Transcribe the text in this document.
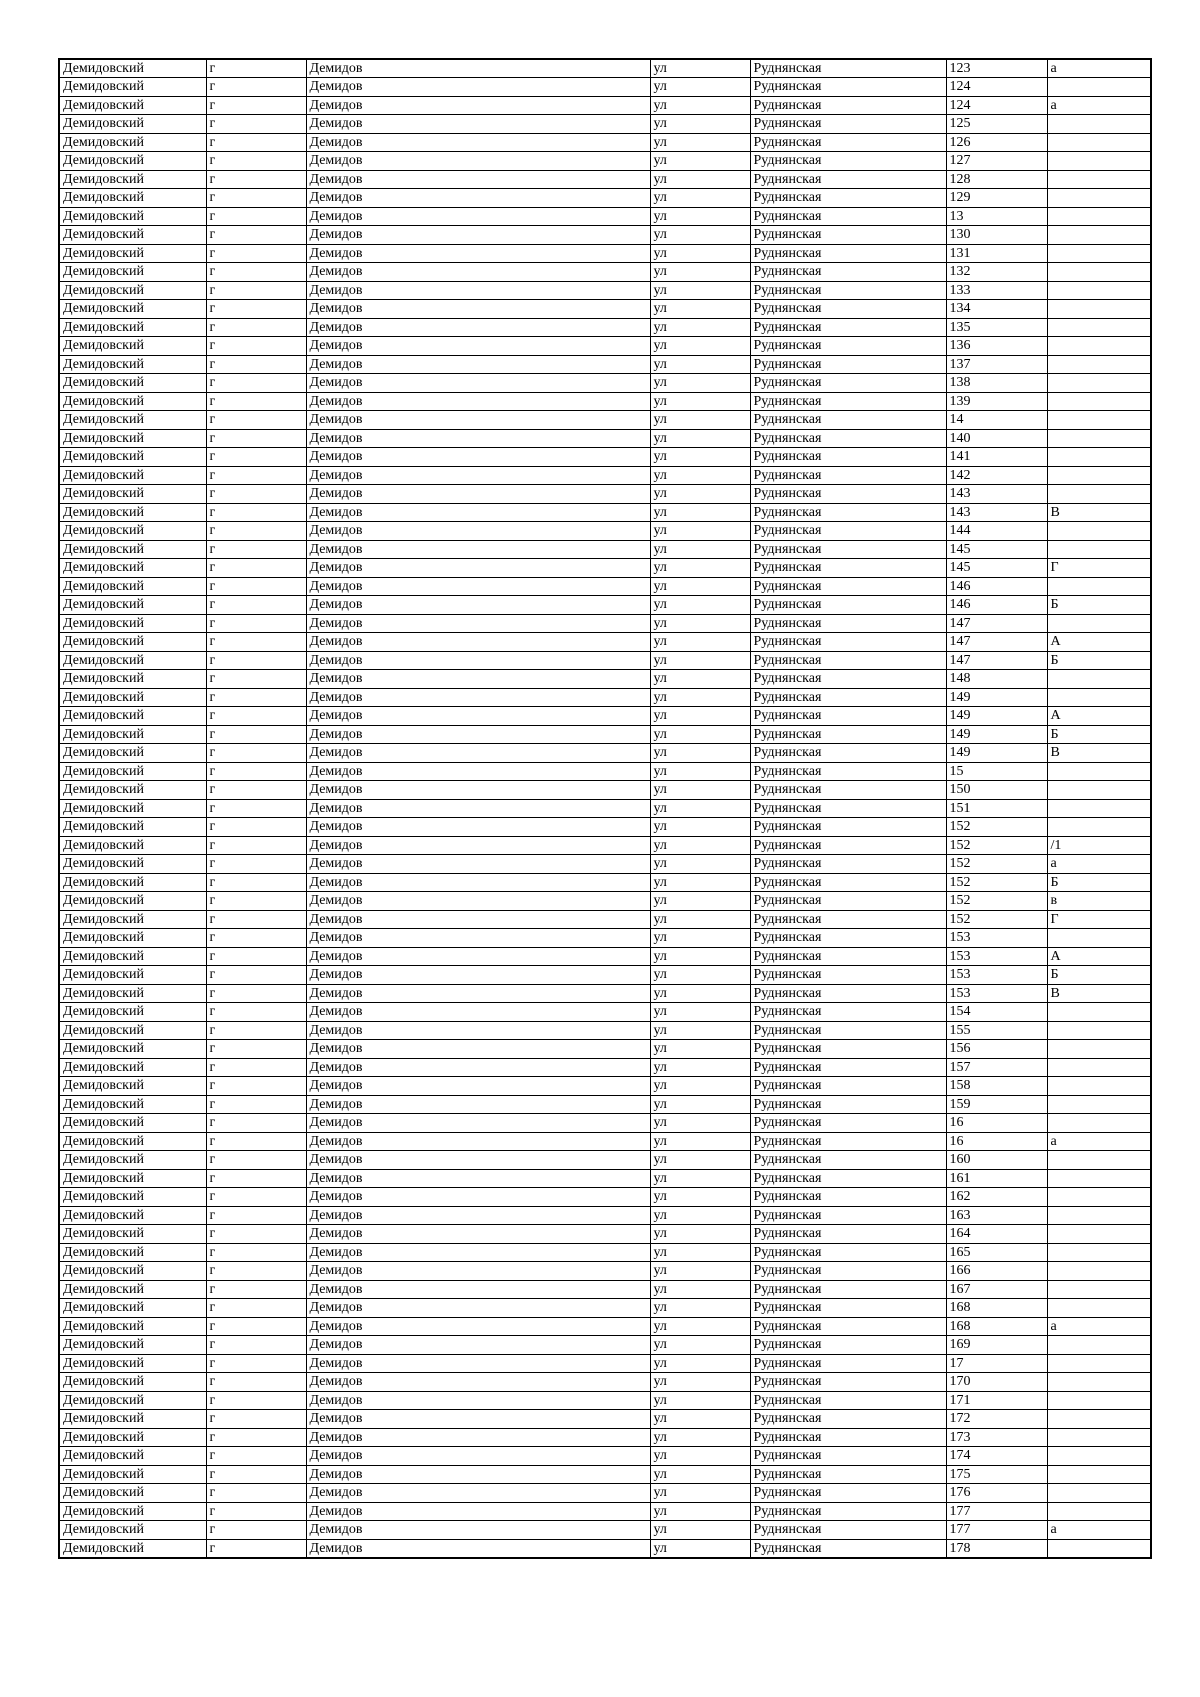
Демидовский	г	Демидов	ул	Руднянская	123	а
Демидовский	г	Демидов	ул	Руднянская	124	
Демидовский	г	Демидов	ул	Руднянская	124	а
Демидовский	г	Демидов	ул	Руднянская	125	
Демидовский	г	Демидов	ул	Руднянская	126	
Демидовский	г	Демидов	ул	Руднянская	127	
Демидовский	г	Демидов	ул	Руднянская	128	
Демидовский	г	Демидов	ул	Руднянская	129	
Демидовский	г	Демидов	ул	Руднянская	13	
Демидовский	г	Демидов	ул	Руднянская	130	
Демидовский	г	Демидов	ул	Руднянская	131	
Демидовский	г	Демидов	ул	Руднянская	132	
Демидовский	г	Демидов	ул	Руднянская	133	
Демидовский	г	Демидов	ул	Руднянская	134	
Демидовский	г	Демидов	ул	Руднянская	135	
Демидовский	г	Демидов	ул	Руднянская	136	
Демидовский	г	Демидов	ул	Руднянская	137	
Демидовский	г	Демидов	ул	Руднянская	138	
Демидовский	г	Демидов	ул	Руднянская	139	
Демидовский	г	Демидов	ул	Руднянская	14	
Демидовский	г	Демидов	ул	Руднянская	140	
Демидовский	г	Демидов	ул	Руднянская	141	
Демидовский	г	Демидов	ул	Руднянская	142	
Демидовский	г	Демидов	ул	Руднянская	143	
Демидовский	г	Демидов	ул	Руднянская	143	В
Демидовский	г	Демидов	ул	Руднянская	144	
Демидовский	г	Демидов	ул	Руднянская	145	
Демидовский	г	Демидов	ул	Руднянская	145	Г
Демидовский	г	Демидов	ул	Руднянская	146	
Демидовский	г	Демидов	ул	Руднянская	146	Б
Демидовский	г	Демидов	ул	Руднянская	147	
Демидовский	г	Демидов	ул	Руднянская	147	А
Демидовский	г	Демидов	ул	Руднянская	147	Б
Демидовский	г	Демидов	ул	Руднянская	148	
Демидовский	г	Демидов	ул	Руднянская	149	
Демидовский	г	Демидов	ул	Руднянская	149	А
Демидовский	г	Демидов	ул	Руднянская	149	Б
Демидовский	г	Демидов	ул	Руднянская	149	В
Демидовский	г	Демидов	ул	Руднянская	15	
Демидовский	г	Демидов	ул	Руднянская	150	
Демидовский	г	Демидов	ул	Руднянская	151	
Демидовский	г	Демидов	ул	Руднянская	152	
Демидовский	г	Демидов	ул	Руднянская	152	/1
Демидовский	г	Демидов	ул	Руднянская	152	а
Демидовский	г	Демидов	ул	Руднянская	152	Б
Демидовский	г	Демидов	ул	Руднянская	152	в
Демидовский	г	Демидов	ул	Руднянская	152	Г
Демидовский	г	Демидов	ул	Руднянская	153	
Демидовский	г	Демидов	ул	Руднянская	153	А
Демидовский	г	Демидов	ул	Руднянская	153	Б
Демидовский	г	Демидов	ул	Руднянская	153	В
Демидовский	г	Демидов	ул	Руднянская	154	
Демидовский	г	Демидов	ул	Руднянская	155	
Демидовский	г	Демидов	ул	Руднянская	156	
Демидовский	г	Демидов	ул	Руднянская	157	
Демидовский	г	Демидов	ул	Руднянская	158	
Демидовский	г	Демидов	ул	Руднянская	159	
Демидовский	г	Демидов	ул	Руднянская	16	
Демидовский	г	Демидов	ул	Руднянская	16	а
Демидовский	г	Демидов	ул	Руднянская	160	
Демидовский	г	Демидов	ул	Руднянская	161	
Демидовский	г	Демидов	ул	Руднянская	162	
Демидовский	г	Демидов	ул	Руднянская	163	
Демидовский	г	Демидов	ул	Руднянская	164	
Демидовский	г	Демидов	ул	Руднянская	165	
Демидовский	г	Демидов	ул	Руднянская	166	
Демидовский	г	Демидов	ул	Руднянская	167	
Демидовский	г	Демидов	ул	Руднянская	168	
Демидовский	г	Демидов	ул	Руднянская	168	а
Демидовский	г	Демидов	ул	Руднянская	169	
Демидовский	г	Демидов	ул	Руднянская	17	
Демидовский	г	Демидов	ул	Руднянская	170	
Демидовский	г	Демидов	ул	Руднянская	171	
Демидовский	г	Демидов	ул	Руднянская	172	
Демидовский	г	Демидов	ул	Руднянская	173	
Демидовский	г	Демидов	ул	Руднянская	174	
Демидовский	г	Демидов	ул	Руднянская	175	
Демидовский	г	Демидов	ул	Руднянская	176	
Демидовский	г	Демидов	ул	Руднянская	177	
Демидовский	г	Демидов	ул	Руднянская	177	а
Демидовский	г	Демидов	ул	Руднянская	178	
